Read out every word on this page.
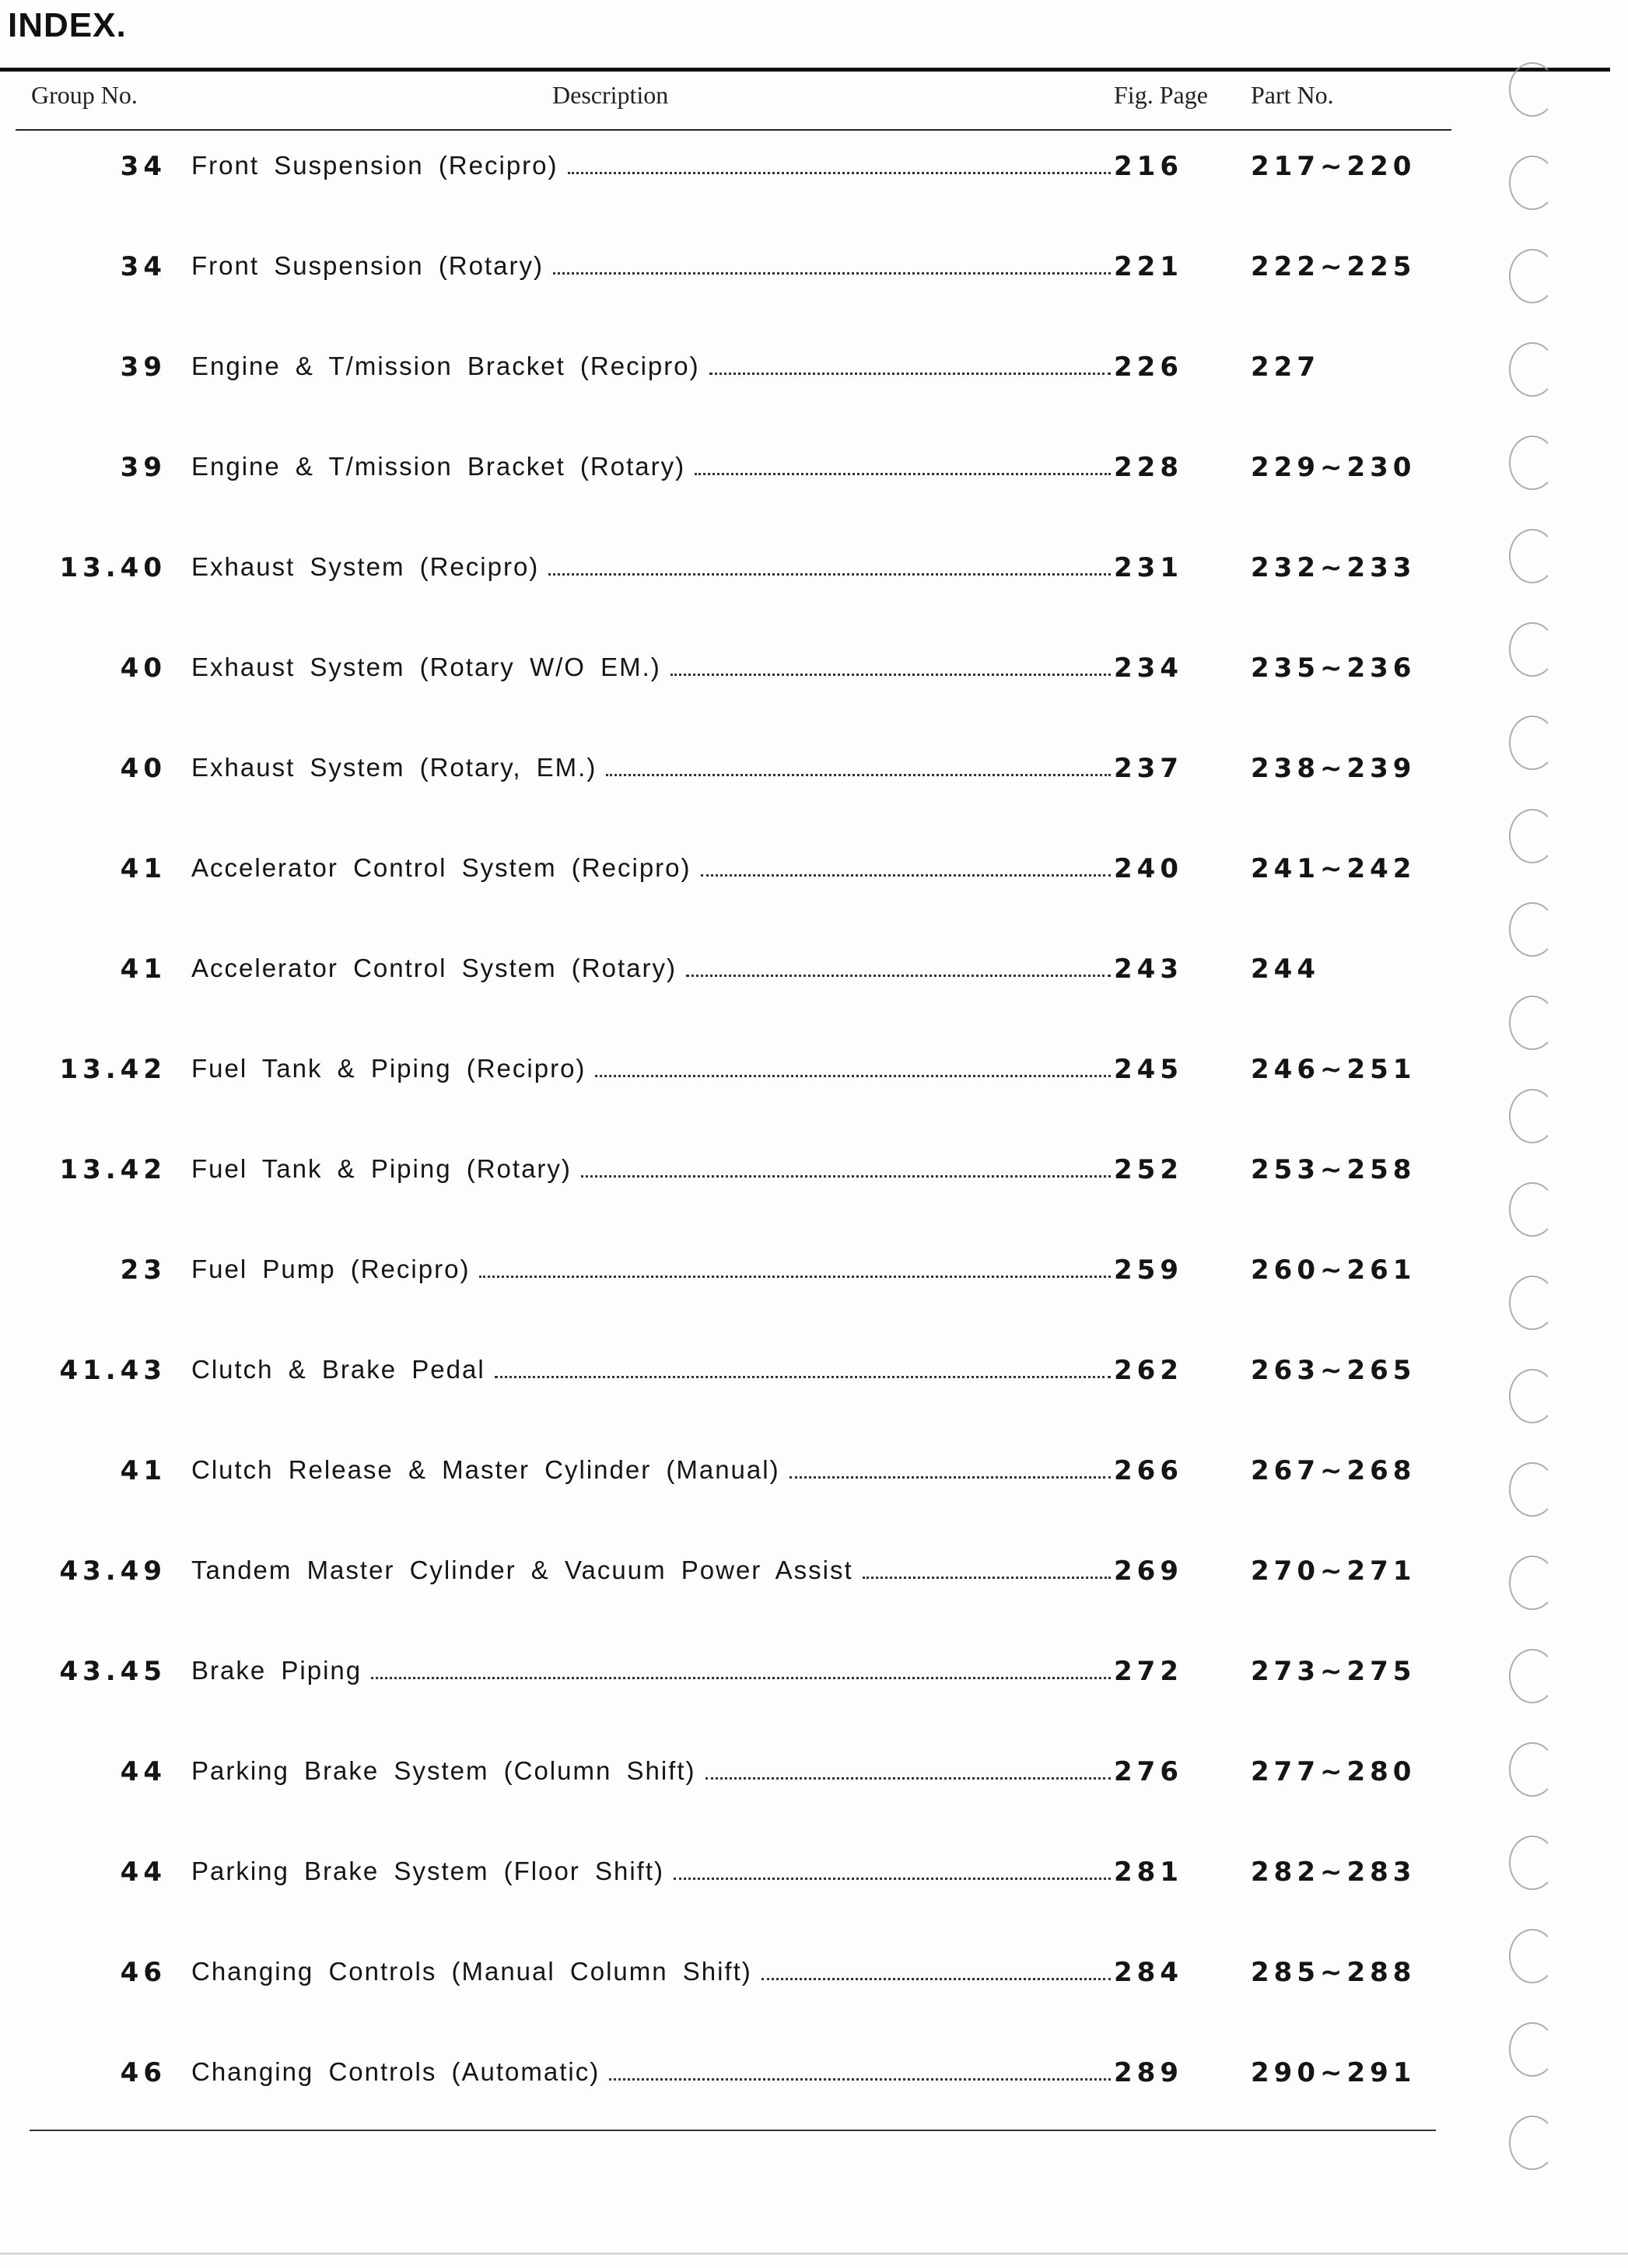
INDEX.
Group No.	Description	Fig. Page Part No.
34 Front Suspension (Recipro)	216	217~220
34 Front Suspension (Rotary)	221	222~225
39 Engine & T/mission Bracket (Recipro)	226	227
39 Engine & T/mission Bracket (Rotary)	228	229~230
13.40 Exhaust System (Recipro)	231	232~233
40 Exhaust System (Rotary W/O EM.)	234	235~236
40 Exhaust System (Rotary, EM.)	237	238~239
41 Accelerator Control System (Recipro)	240	241~242
41 Accelerator Control System (Rotary)	243	244
13.42 Fuel Tank & Piping (Recipro)	245	246~251
13.42 Fuel Tank & Piping (Rotary)	252	253~258
23 Fuel Pump (Recipro)	259	260~261
41.43 Clutch & Brake Pedal	262	263~265
41 Clutch Release & Master Cylinder (Manual)	266	267~268
43.49 Tandem Master Cylinder & Vacuum Power Assist	269	270~271
43.45 Brake Piping	272	273~275
44 Parking Brake System (Column Shift)	276	277~280
44 Parking Brake System (Floor Shift)	281	282~283
46 Changing Controls (Manual Column Shift)	284	285~288
46 Changing Controls (Automatic)	289	290~291
